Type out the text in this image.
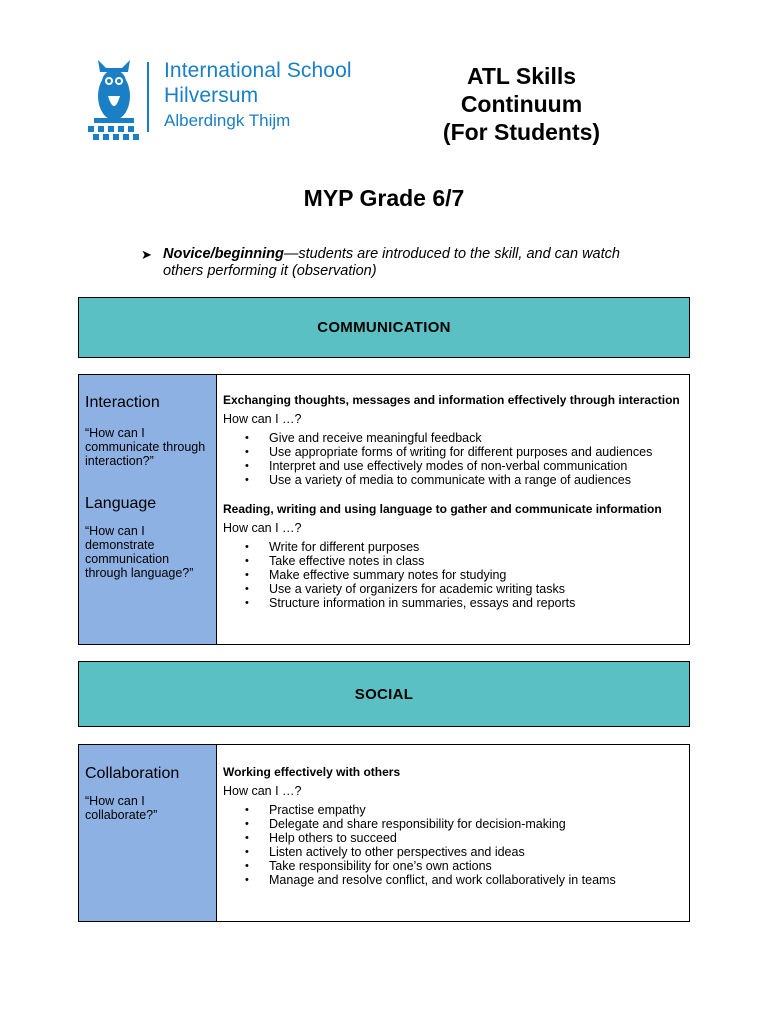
International School
Hilversum
Alberdingk Thijm
ATL Skills
Continuum
(For Students)
MYP Grade 6/7
➤ Novice/beginning—students are introduced to the skill, and can watch others performing it (observation)
COMMUNICATION
Interaction
“How can I communicate through interaction?”
Language
“How can I demonstrate communication through language?”
Exchanging thoughts, messages and information effectively through interaction
How can I …?
• Give and receive meaningful feedback
• Use appropriate forms of writing for different purposes and audiences
• Interpret and use effectively modes of non-verbal communication
• Use a variety of media to communicate with a range of audiences
Reading, writing and using language to gather and communicate information
How can I …?
• Write for different purposes
• Take effective notes in class
• Make effective summary notes for studying
• Use a variety of organizers for academic writing tasks
• Structure information in summaries, essays and reports
SOCIAL
Collaboration
“How can I collaborate?”
Working effectively with others
How can I …?
• Practise empathy
• Delegate and share responsibility for decision-making
• Help others to succeed
• Listen actively to other perspectives and ideas
• Take responsibility for one’s own actions
• Manage and resolve conflict, and work collaboratively in teams
